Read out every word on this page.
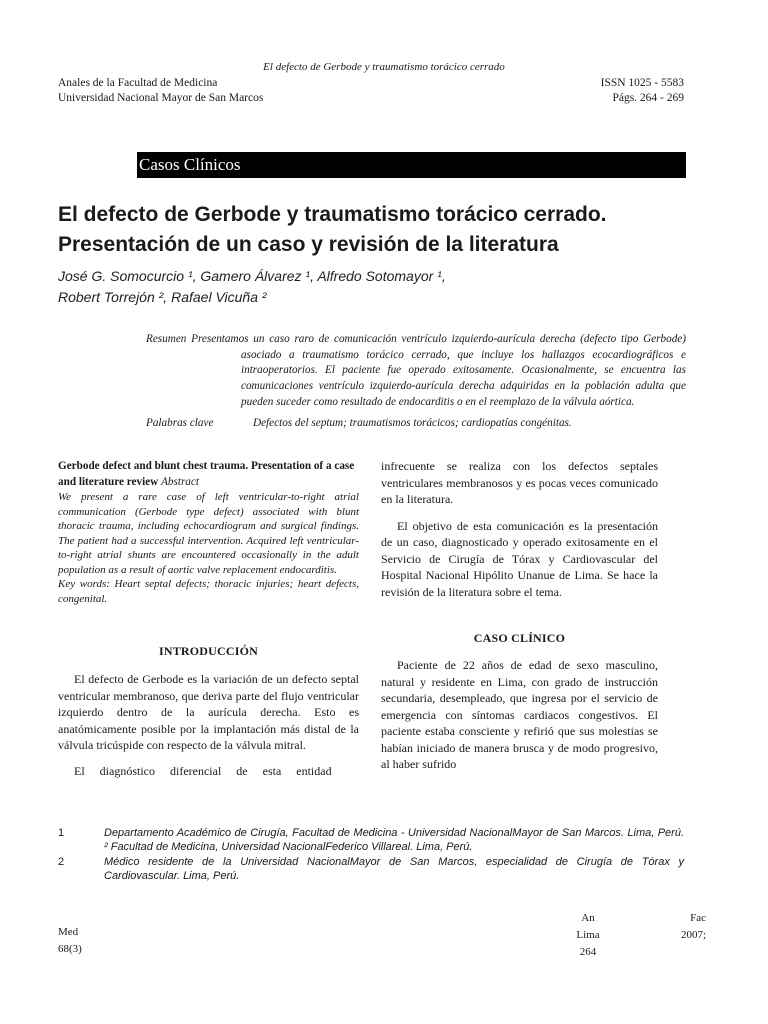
El defecto de Gerbode y traumatismo torácico cerrado
Anales de la Facultad de Medicina
Universidad Nacional Mayor de San Marcos
ISSN 1025 - 5583
Págs. 264 - 269
Casos Clínicos
El defecto de Gerbode y traumatismo torácico cerrado. Presentación de un caso y revisión de la literatura
José G. Somocurcio ¹, Gamero Álvarez ¹, Alfredo Sotomayor ¹,
Robert Torrejón ², Rafael Vicuña ²
Resumen Presentamos un caso raro de comunicación ventrículo izquierdo-aurícula derecha (defecto tipo Gerbode) asociado a traumatismo torácico cerrado, que incluye los hallazgos ecocardiográficos e intraoperatorios. El paciente fue operado exitosamente. Ocasionalmente, se encuentra las comunicaciones ventrículo izquierdo-aurícula derecha adquiridas en la población adulta que pueden suceder como resultado de endocarditis o en el reemplazo de la válvula aórtica.
Palabras clave	Defectos del septum; traumatismos torácicos; cardiopatías congénitas.
Gerbode defect and blunt chest trauma. Presentation of a case and literature review Abstract
We present a rare case of left ventricular-to-right atrial communication (Gerbode type defect) associated with blunt thoracic trauma, including echocardiogram and surgical findings. The patient had a successful intervention. Acquired left ventricular-to-right atrial shunts are encountered occasionally in the adult population as a result of aortic valve replacement endocarditis.
Key words: Heart septal defects; thoracic injuries; heart defects, congenital.
INTRODUCCIÓN
El defecto de Gerbode es la variación de un defecto septal ventricular membranoso, que deriva parte del flujo ventricular izquierdo dentro de la aurícula derecha. Esto es anatómicamente posible por la implantación más distal de la válvula tricúspide con respecto de la válvula mitral.
El diagnóstico diferencial de esta entidad
infrecuente se realiza con los defectos septales ventriculares membranosos y es pocas veces comunicado en la literatura.
El objetivo de esta comunicación es la presentación de un caso, diagnosticado y operado exitosamente en el Servicio de Cirugía de Tórax y Cardiovascular del Hospital Nacional Hipólito Unanue de Lima. Se hace la revisión de la literatura sobre el tema.
CASO CLÍNICO
Paciente de 22 años de edad de sexo masculino, natural y residente en Lima, con grado de instrucción secundaria, desempleado, que ingresa por el servicio de emergencia con síntomas cardiacos congestivos. El paciente estaba consciente y refirió que sus molestias se habían iniciado de manera brusca y de modo progresivo, al haber sufrido
1	Departamento Académico de Cirugía, Facultad de Medicina - Universidad NacionalMayor de San Marcos. Lima, Perú. ² Facultad de Medicina, Universidad NacionalFederico Villareal. Lima, Perú.
2	Médico residente de la Universidad NacionalMayor de San Marcos, especialidad de Cirugía de Tórax y Cardiovascular. Lima, Perú.
Med
68(3)
An
Lima
264
Fac
2007;
